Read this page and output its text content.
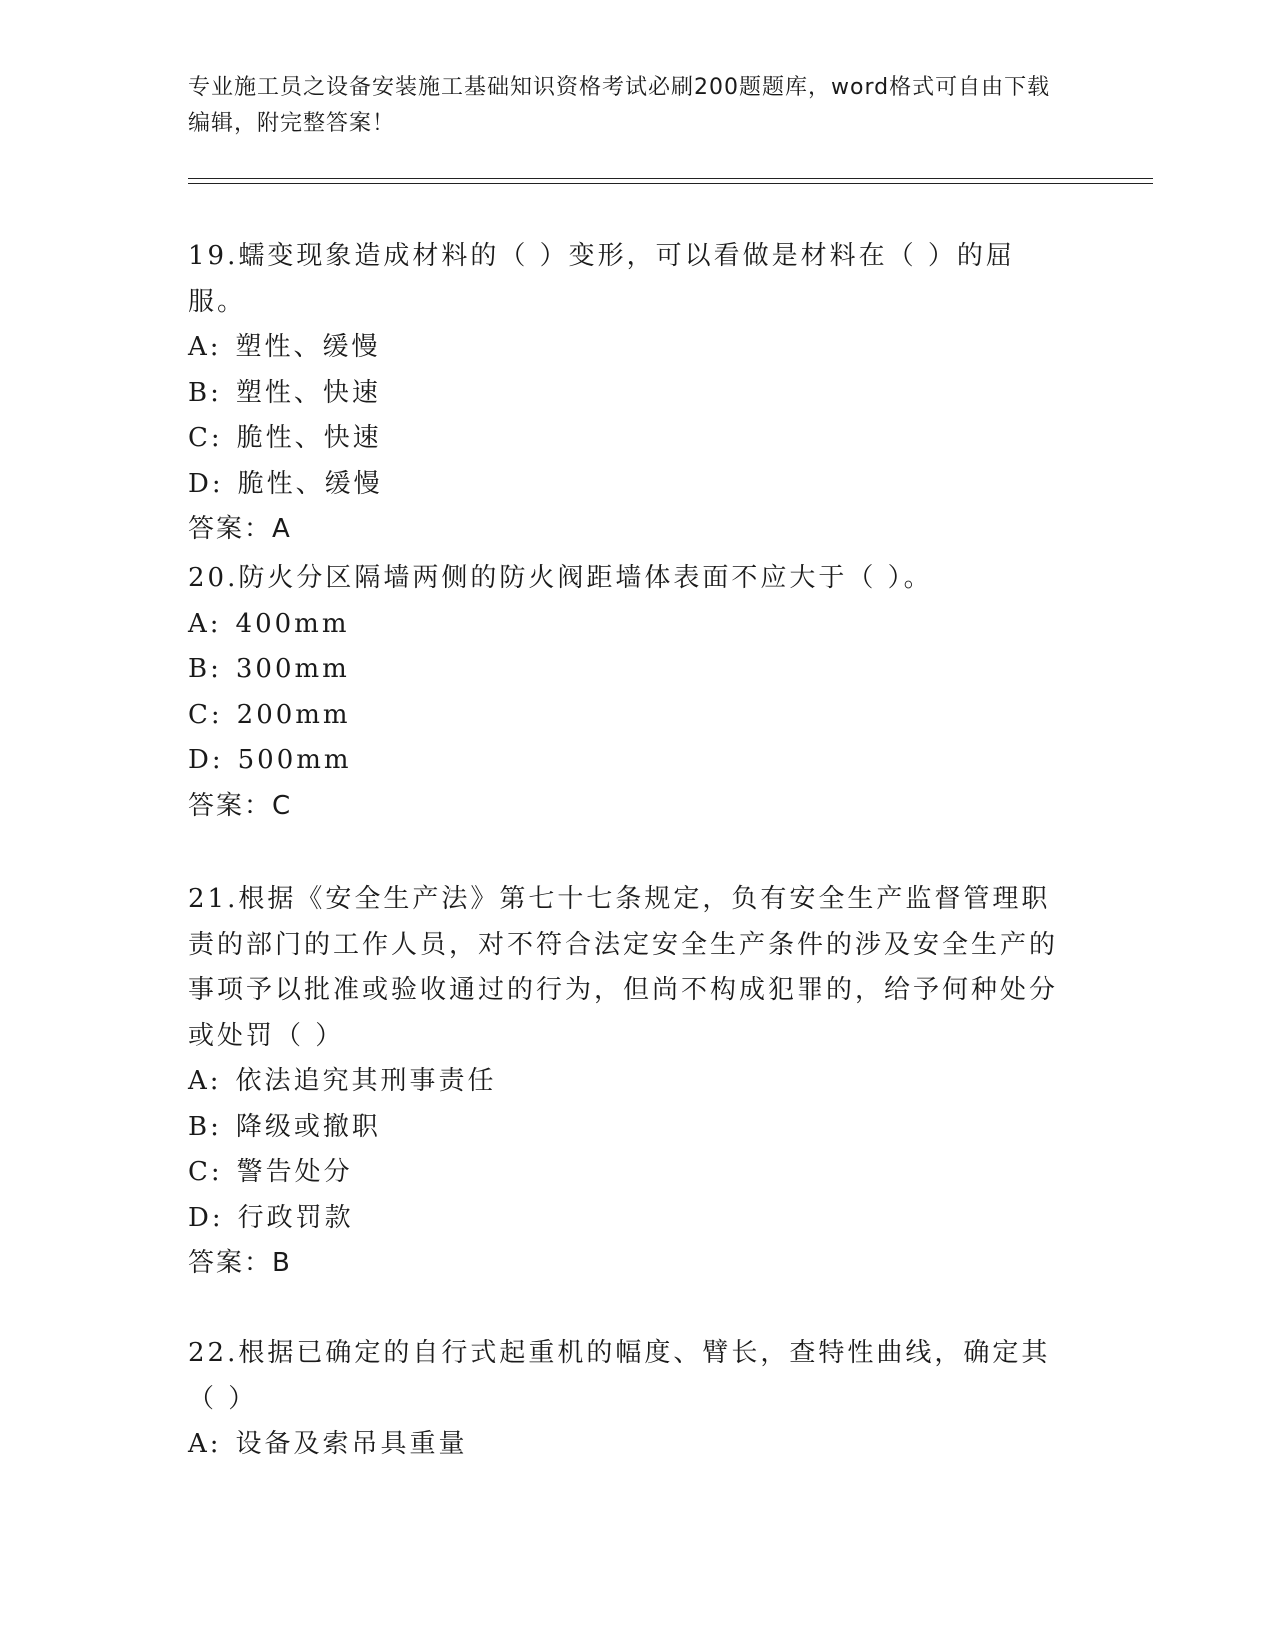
专业施工员之设备安装施工基础知识资格考试必刷200题题库，word格式可自由下载编辑，附完整答案！
19.蠕变现象造成材料的（ ）变形，可以看做是材料在（ ）的屈服。
A: 塑性、缓慢
B: 塑性、快速
C: 脆性、快速
D: 脆性、缓慢
答案：A
20.防火分区隔墙两侧的防火阀距墙体表面不应大于（ ）。
A: 400mm
B: 300mm
C: 200mm
D: 500mm
答案：C
21.根据《安全生产法》第七十七条规定，负有安全生产监督管理职责的部门的工作人员，对不符合法定安全生产条件的涉及安全生产的事项予以批准或验收通过的行为，但尚不构成犯罪的，给予何种处分或处罚（ ）
A: 依法追究其刑事责任
B: 降级或撤职
C: 警告处分
D: 行政罚款
答案：B
22.根据已确定的自行式起重机的幅度、臂长，查特性曲线，确定其（ ）
A: 设备及索吊具重量
